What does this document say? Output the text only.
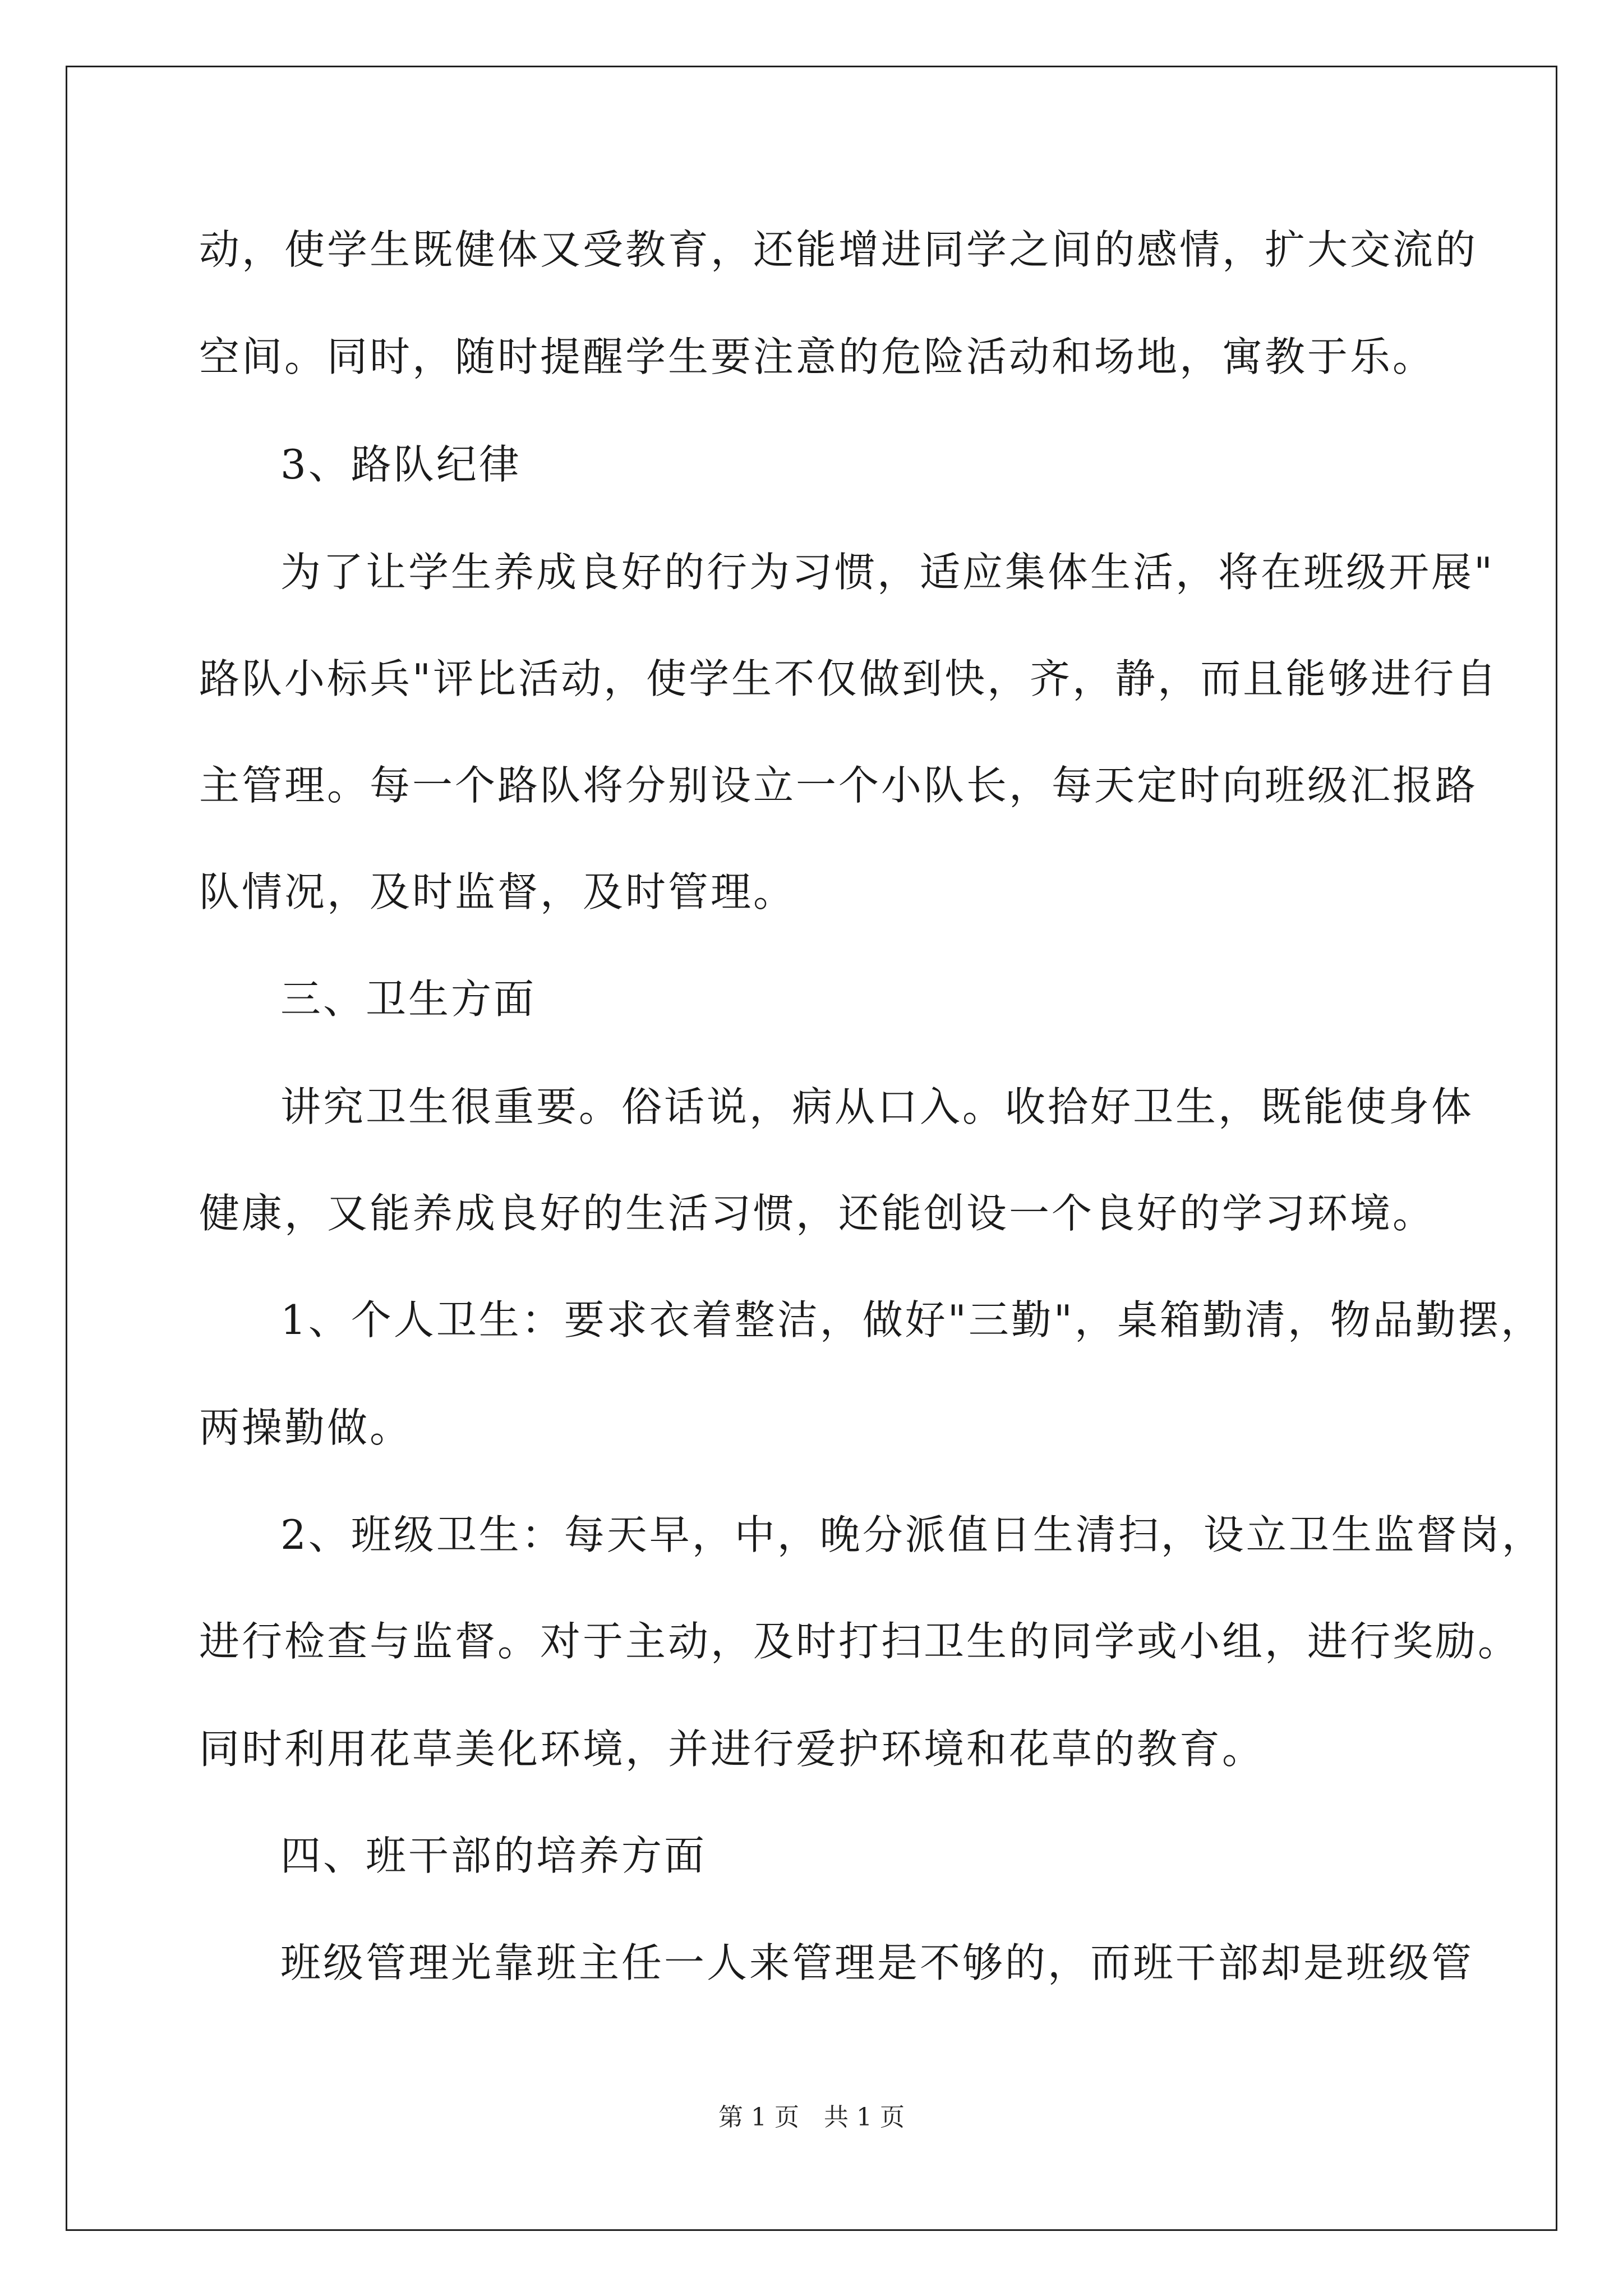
动，使学生既健体又受教育，还能增进同学之间的感情，扩大交流的
空间。同时，随时提醒学生要注意的危险活动和场地，寓教于乐。
3、路队纪律
为了让学生养成良好的行为习惯，适应集体生活，将在班级开展"
路队小标兵"评比活动，使学生不仅做到快，齐，静，而且能够进行自
主管理。每一个路队将分别设立一个小队长，每天定时向班级汇报路
队情况，及时监督，及时管理。
三、卫生方面
讲究卫生很重要。俗话说，病从口入。收拾好卫生，既能使身体
健康，又能养成良好的生活习惯，还能创设一个良好的学习环境。
1、个人卫生：要求衣着整洁，做好"三勤"，桌箱勤清，物品勤摆，
两操勤做。
2、班级卫生：每天早，中，晚分派值日生清扫，设立卫生监督岗，
进行检查与监督。对于主动，及时打扫卫生的同学或小组，进行奖励。
同时利用花草美化环境，并进行爱护环境和花草的教育。
四、班干部的培养方面
班级管理光靠班主任一人来管理是不够的，而班干部却是班级管
第 1 页　共 1 页
